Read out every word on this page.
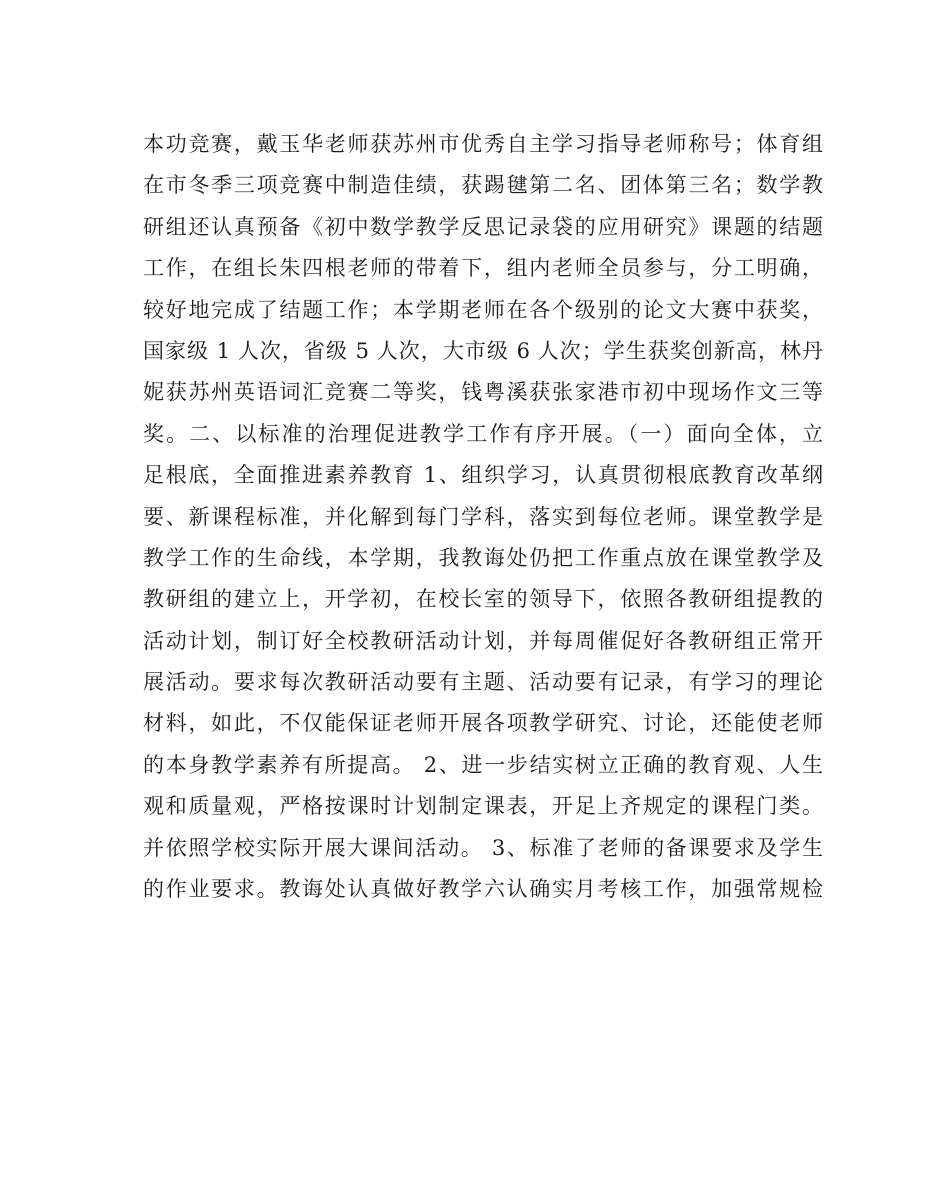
本功竞赛，戴玉华老师获苏州市优秀自主学习指导老师称号；体育组
在市冬季三项竞赛中制造佳绩，获踢毽第二名、团体第三名；数学教
研组还认真预备《初中数学教学反思记录袋的应用研究》课题的结题
工作，在组长朱四根老师的带着下，组内老师全员参与，分工明确，
较好地完成了结题工作；本学期老师在各个级别的论文大赛中获奖，
国家级 1 人次，省级 5 人次，大市级 6 人次；学生获奖创新高，林丹
妮获苏州英语词汇竞赛二等奖，钱粤溪获张家港市初中现场作文三等
奖。二、以标准的治理促进教学工作有序开展。（一）面向全体，立
足根底，全面推进素养教育 1、组织学习，认真贯彻根底教育改革纲
要、新课程标准，并化解到每门学科，落实到每位老师。课堂教学是
教学工作的生命线，本学期，我教诲处仍把工作重点放在课堂教学及
教研组的建立上，开学初，在校长室的领导下，依照各教研组提教的
活动计划，制订好全校教研活动计划，并每周催促好各教研组正常开
展活动。要求每次教研活动要有主题、活动要有记录，有学习的理论
材料，如此，不仅能保证老师开展各项教学研究、讨论，还能使老师
的本身教学素养有所提高。 2、进一步结实树立正确的教育观、人生
观和质量观，严格按课时计划制定课表，开足上齐规定的课程门类。
并依照学校实际开展大课间活动。 3、标准了老师的备课要求及学生
的作业要求。教诲处认真做好教学六认确实月考核工作，加强常规检
